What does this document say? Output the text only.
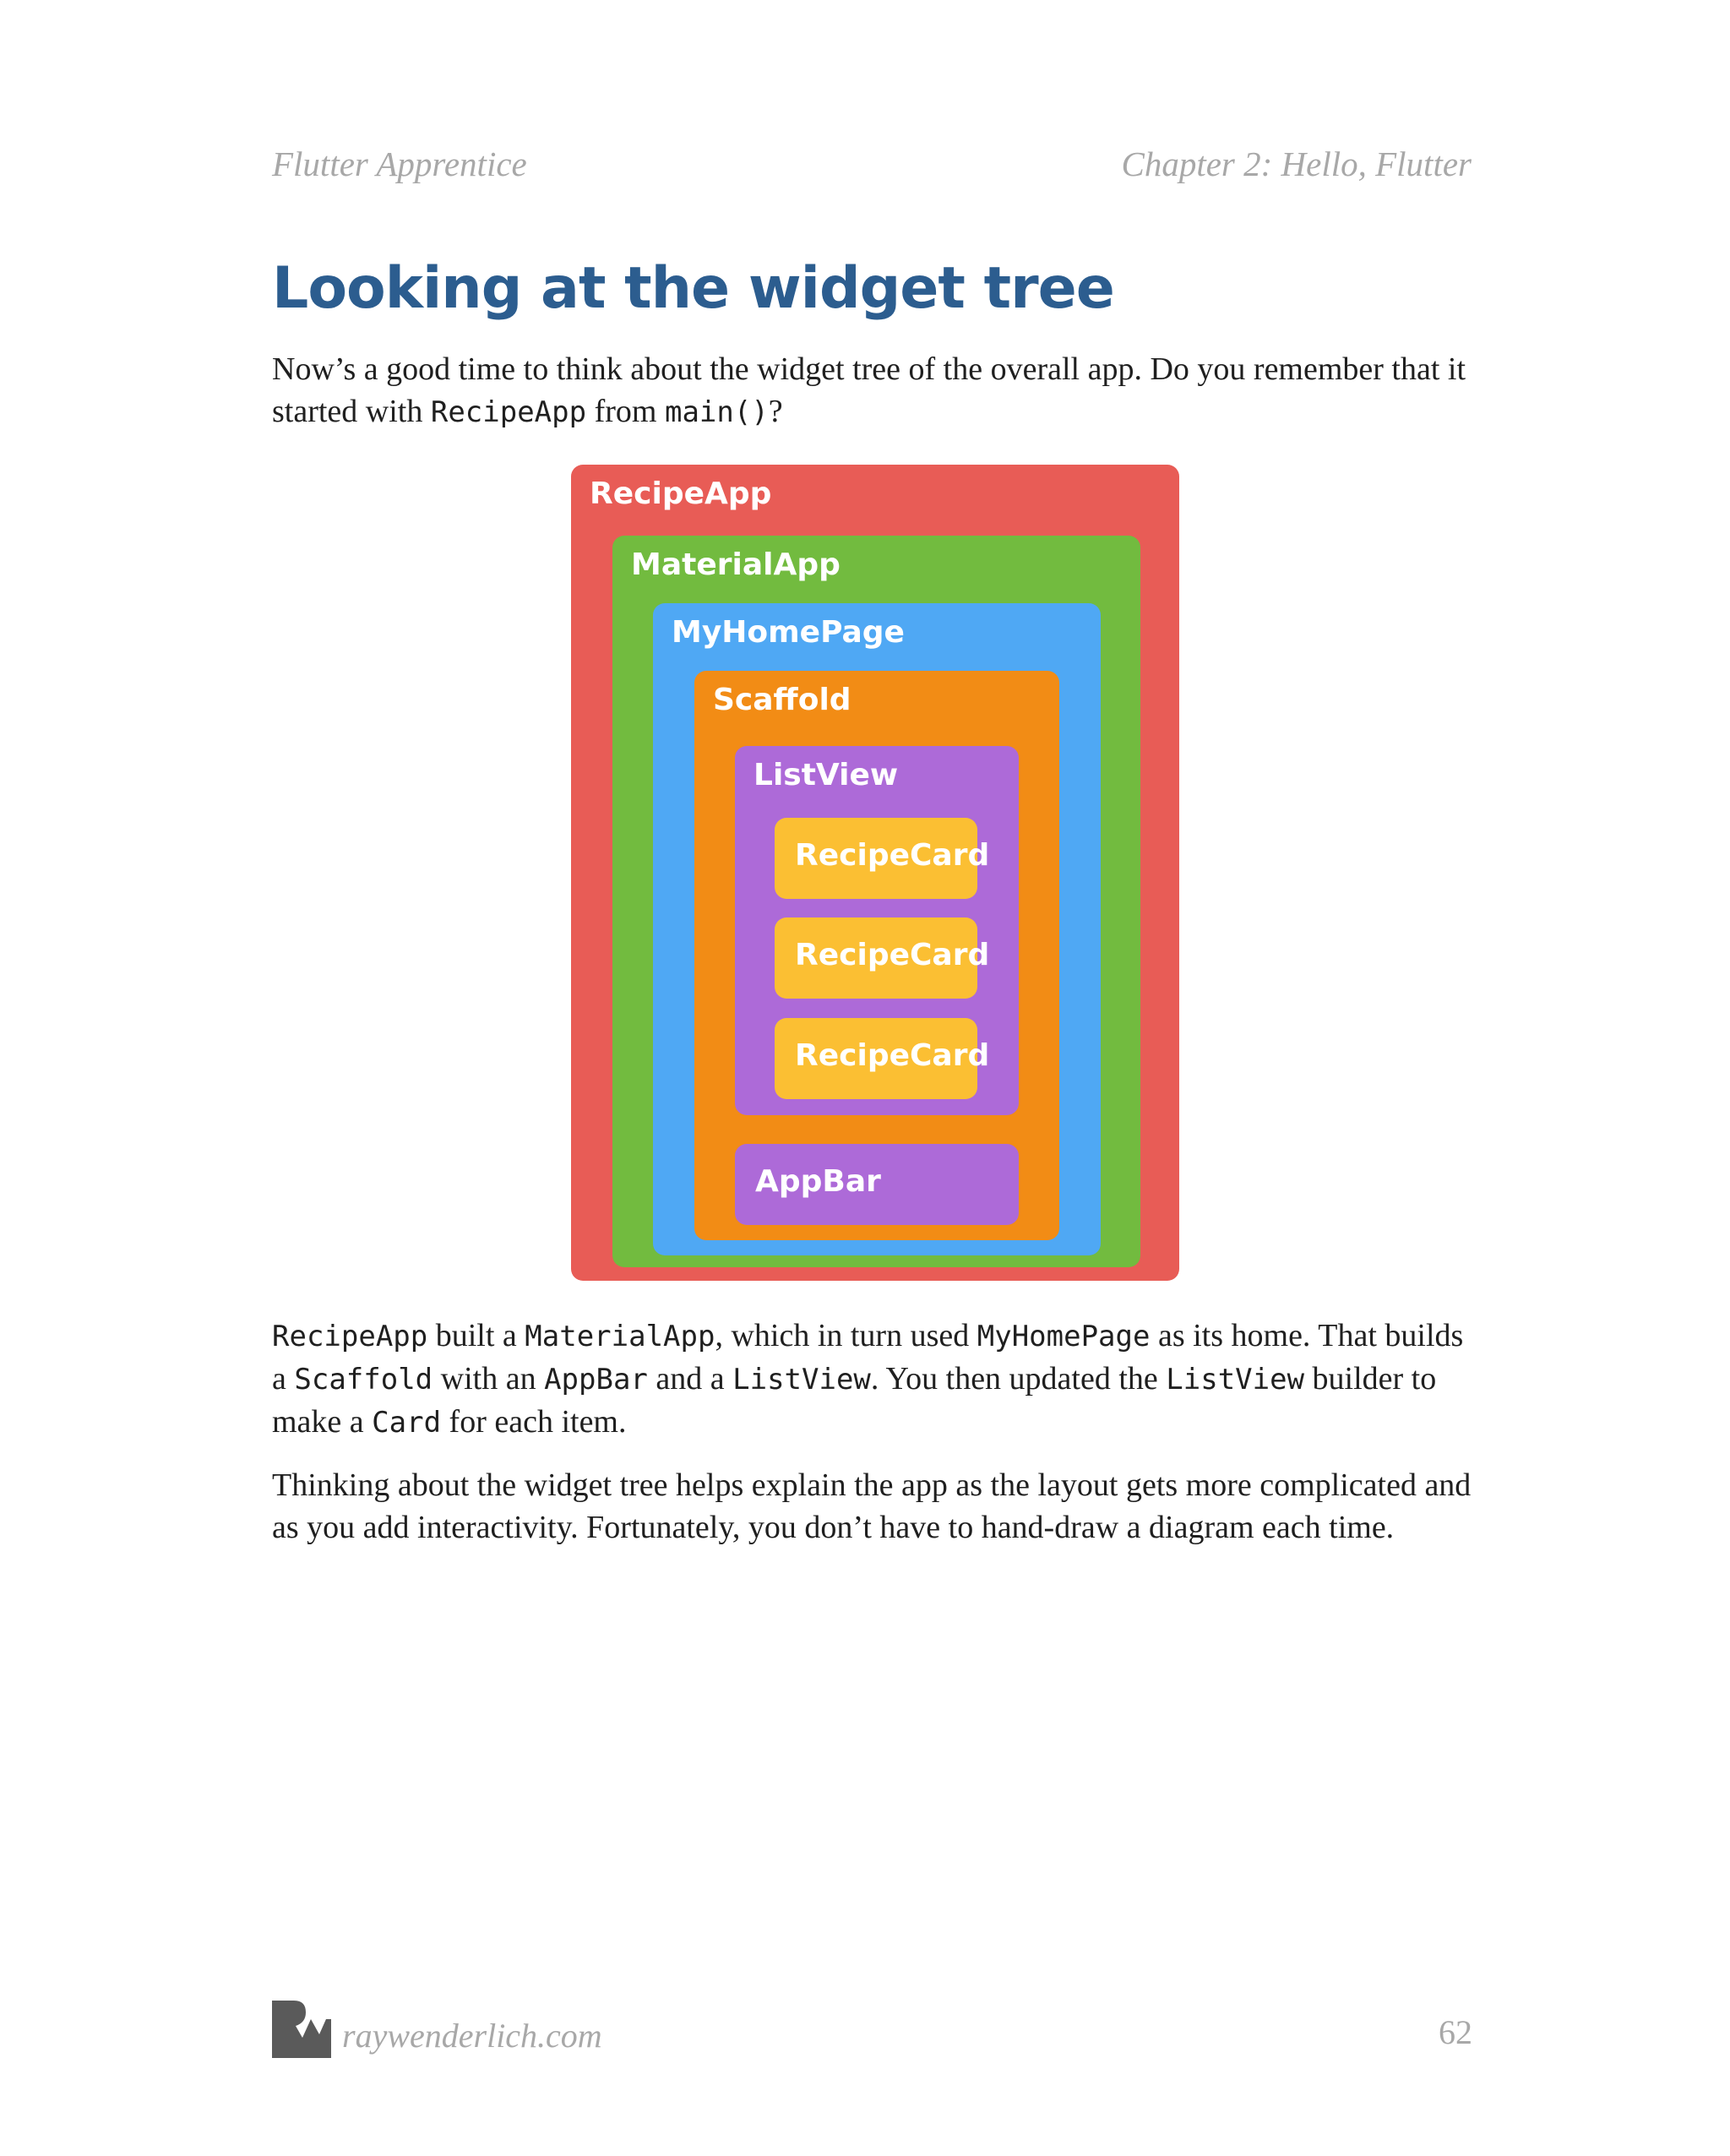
Flutter Apprentice	Chapter 2: Hello, Flutter
Looking at the widget tree

Now’s a good time to think about the widget tree of the overall app. Do you remember that it started with RecipeApp from main()?

RecipeApp
MaterialApp
MyHomePage
Scaffold
ListView
RecipeCard
RecipeCard
RecipeCard
AppBar

RecipeApp built a MaterialApp, which in turn used MyHomePage as its home. That builds a Scaffold with an AppBar and a ListView. You then updated the ListView builder to make a Card for each item.

Thinking about the widget tree helps explain the app as the layout gets more complicated and as you add interactivity. Fortunately, you don’t have to hand-draw a diagram each time.

raywenderlich.com	62
